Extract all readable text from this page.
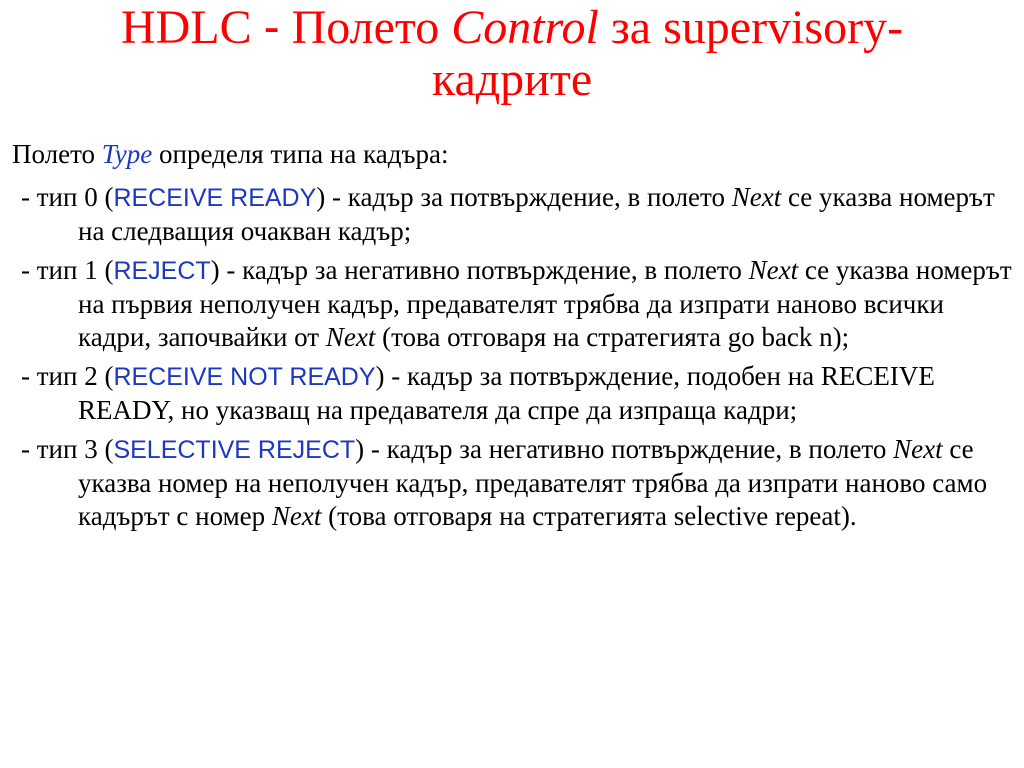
HDLC - Полето Control за supervisory-
кадрите

Полето Type определя типа на кадъра:

- тип 0 (RECEIVE READY) - кадър за потвърждение, в полето Next се указва номерът на следващия очакван кадър;

- тип 1 (REJECT) - кадър за негативно потвърждение, в полето Next се указва номерът на първия неполучен кадър, предавателят трябва да изпрати наново всички кадри, започвайки от Next (това отговаря на стратегията go back n);

- тип 2 (RECEIVE NOT READY) - кадър за потвърждение, подобен на RECEIVE READY, но указващ на предавателя да спре да изпраща кадри;

- тип 3 (SELECTIVE REJECT) - кадър за негативно потвърждение, в полето Next се указва номер на неполучен кадър, предавателят трябва да изпрати наново само кадърът с номер Next (това отговаря на стратегията selective repeat).
